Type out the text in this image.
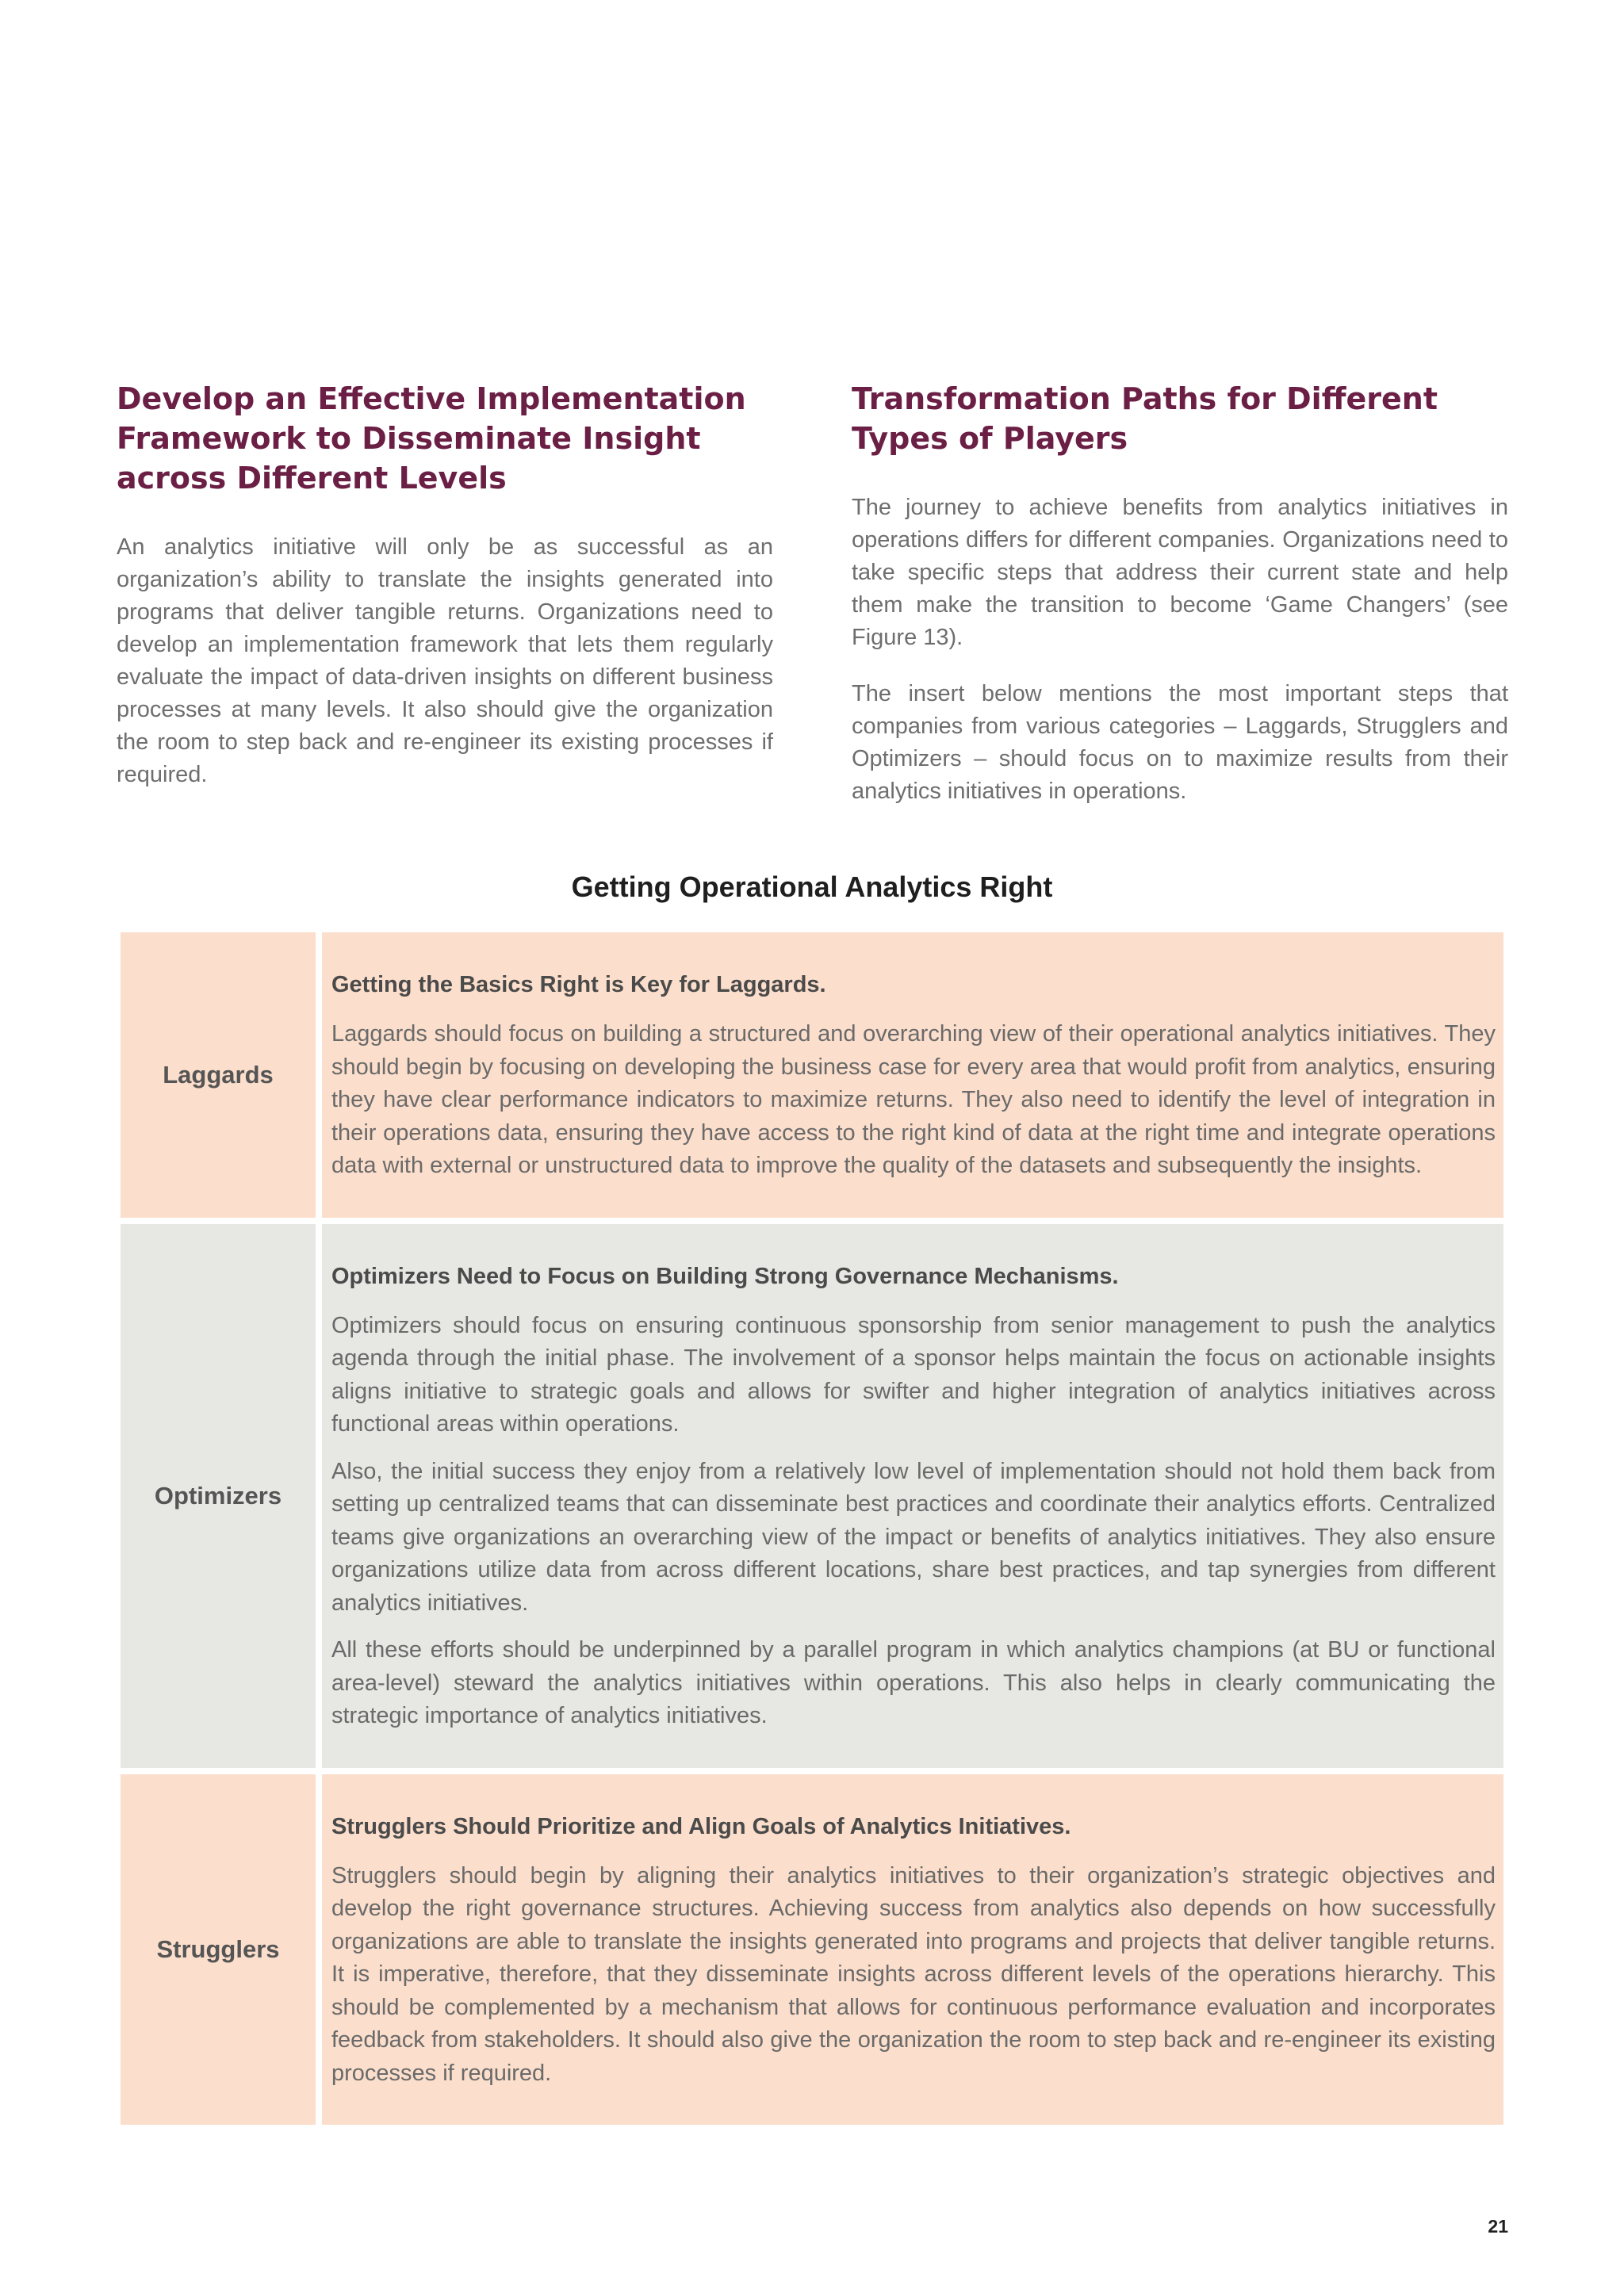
Develop an Effective Implementation Framework to Disseminate Insight across Different Levels

An analytics initiative will only be as successful as an organization’s ability to translate the insights generated into programs that deliver tangible returns. Organizations need to develop an implementation framework that lets them regularly evaluate the impact of data-driven insights on different business processes at many levels. It also should give the organization the room to step back and re-engineer its existing processes if required.

Transformation Paths for Different Types of Players

The journey to achieve benefits from analytics initiatives in operations differs for different companies. Organizations need to take specific steps that address their current state and help them make the transition to become ‘Game Changers’ (see Figure 13).

The insert below mentions the most important steps that companies from various categories – Laggards, Strugglers and Optimizers – should focus on to maximize results from their analytics initiatives in operations.

Getting Operational Analytics Right
Laggards
Getting the Basics Right is Key for Laggards.

Laggards should focus on building a structured and overarching view of their operational analytics initiatives. They should begin by focusing on developing the business case for every area that would profit from analytics, ensuring they have clear performance indicators to maximize returns. They also need to identify the level of integration in their operations data, ensuring they have access to the right kind of data at the right time and integrate operations data with external or unstructured data to improve the quality of the datasets and subsequently the insights.

Optimizers
Optimizers Need to Focus on Building Strong Governance Mechanisms.

Optimizers should focus on ensuring continuous sponsorship from senior management to push the analytics agenda through the initial phase. The involvement of a sponsor helps maintain the focus on actionable insights aligns initiative to strategic goals and allows for swifter and higher integration of analytics initiatives across functional areas within operations.

Also, the initial success they enjoy from a relatively low level of implementation should not hold them back from setting up centralized teams that can disseminate best practices and coordinate their analytics efforts. Centralized teams give organizations an overarching view of the impact or benefits of analytics initiatives. They also ensure organizations utilize data from across different locations, share best practices, and tap synergies from different analytics initiatives.

All these efforts should be underpinned by a parallel program in which analytics champions (at BU or functional area-level) steward the analytics initiatives within operations. This also helps in clearly communicating the strategic importance of analytics initiatives.

Strugglers
Strugglers Should Prioritize and Align Goals of Analytics Initiatives.

Strugglers should begin by aligning their analytics initiatives to their organization’s strategic objectives and develop the right governance structures. Achieving success from analytics also depends on how successfully organizations are able to translate the insights generated into programs and projects that deliver tangible returns. It is imperative, therefore, that they disseminate insights across different levels of the operations hierarchy. This should be complemented by a mechanism that allows for continuous performance evaluation and incorporates feedback from stakeholders. It should also give the organization the room to step back and re-engineer its existing processes if required.

21
